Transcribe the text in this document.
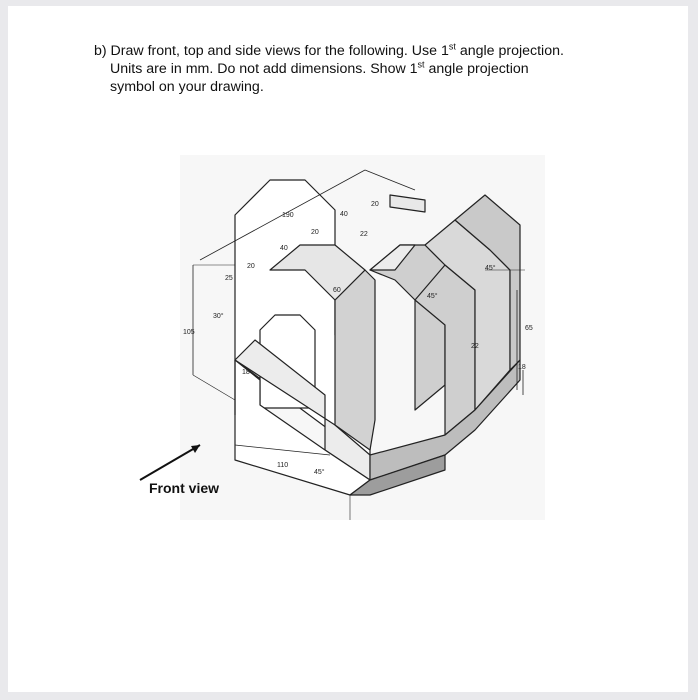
b) Draw front, top and side views for the following. Use 1st angle projection.

Units are in mm. Do not add dimensions. Show 1st angle projection

symbol on your drawing.

190	40
20
20	22
40
20
25
30°
105
60
45°
45°
65
22
18
18
110
45°
Front view
